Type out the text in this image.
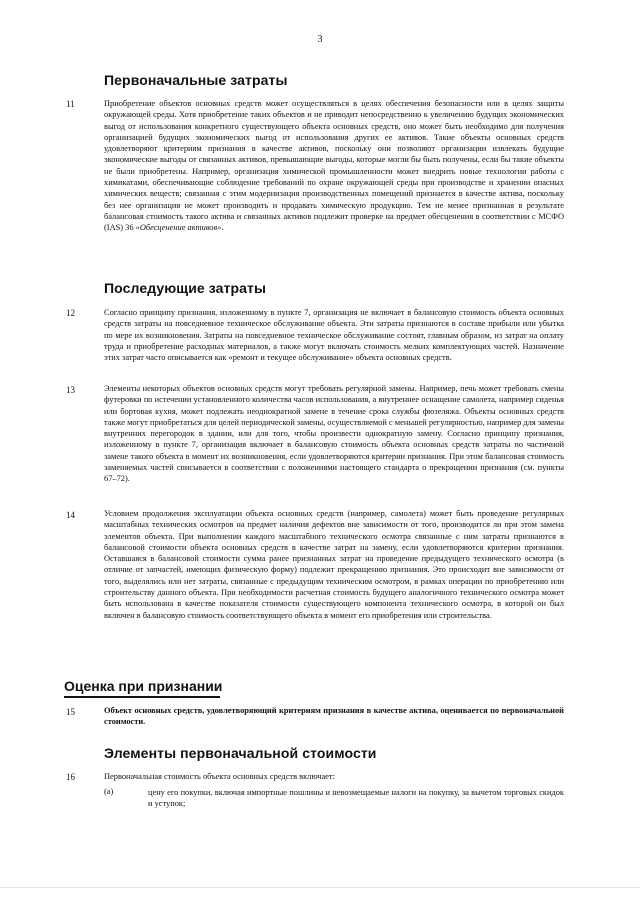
3
Первоначальные затраты
11	Приобретение объектов основных средств может осуществляться в целях обеспечения безопасности или в целях защиты окружающей среды. Хотя приобретение таких объектов и не приводит непосредственно к увеличению будущих экономических выгод от использования конкретного существующего объекта основных средств, оно может быть необходимо для получения организацией будущих экономических выгод от использования других ее активов. Такие объекты основных средств удовлетворяют критериям признания в качестве активов, поскольку они позволяют организации извлекать будущие экономические выгоды от связанных активов, превышающие выгоды, которые могли бы быть получены, если бы такие объекты не были приобретены. Например, организация химической промышленности может внедрить новые технологии работы с химикатами, обеспечивающие соблюдение требований по охране окружающей среды при производстве и хранении опасных химических веществ; связанная с этим модернизация производственных помещений признается в качестве актива, поскольку без нее организация не может производить и продавать химическую продукцию. Тем не менее признанная в результате балансовая стоимость такого актива и связанных активов подлежит проверке на предмет обесценения в соответствии с МСФО (IAS) 36 «Обесценение активов».
Последующие затраты
12	Согласно принципу признания, изложенному в пункте 7, организация не включает в балансовую стоимость объекта основных средств затраты на повседневное техническое обслуживание объекта. Эти затраты признаются в составе прибыли или убытка по мере их возникновения. Затраты на повседневное техническое обслуживание состоят, главным образом, из затрат на оплату труда и приобретение расходных материалов, а также могут включать стоимость мелких комплектующих частей. Назначение этих затрат часто описывается как «ремонт и текущее обслуживание» объекта основных средств.
13	Элементы некоторых объектов основных средств могут требовать регулярной замены. Например, печь может требовать смены футеровки по истечении установленного количества часов использования, а внутреннее оснащение самолета, например сиденья или бортовая кухня, может подлежать неоднократной замене в течение срока службы фюзеляжа. Объекты основных средств также могут приобретаться для целей периодической замены, осуществляемой с меньшей регулярностью, например для замены внутренних перегородок в здании, или для того, чтобы произвести однократную замену. Согласно принципу признания, изложенному в пункте 7, организация включает в балансовую стоимость объекта основных средств затраты по частичной замене такого объекта в момент их возникновения, если удовлетворяются критерии признания. При этом балансовая стоимость заменяемых частей списывается в соответствии с положениями настоящего стандарта о прекращении признания (см. пункты 67–72).
14	Условием продолжения эксплуатации объекта основных средств (например, самолета) может быть проведение регулярных масштабных технических осмотров на предмет наличия дефектов вне зависимости от того, производится ли при этом замена элементов объекта. При выполнении каждого масштабного технического осмотра связанные с ним затраты признаются в балансовой стоимости объекта основных средств в качестве затрат на замену, если удовлетворяются критерии признания. Оставшаяся в балансовой стоимости сумма ранее признанных затрат на проведение предыдущего технического осмотра (в отличие от запчастей, имеющих физическую форму) подлежит прекращению признания. Это происходит вне зависимости от того, выделялись или нет затраты, связанные с предыдущим техническим осмотром, в рамках операции по приобретению или строительству данного объекта. При необходимости расчетная стоимость будущего аналогичного технического осмотра может быть использована в качестве показателя стоимости существующего компонента технического осмотра, в которой он был включен в балансовую стоимость соответствующего объекта в момент его приобретения или строительства.
Оценка при признании
15	Объект основных средств, удовлетворяющий критериям признания в качестве актива, оценивается по первоначальной стоимости.
Элементы первоначальной стоимости
16	Первоначальная стоимость объекта основных средств включает:
(a)	цену его покупки, включая импортные пошлины и невозмещаемые налоги на покупку, за вычетом торговых скидок и уступок;
